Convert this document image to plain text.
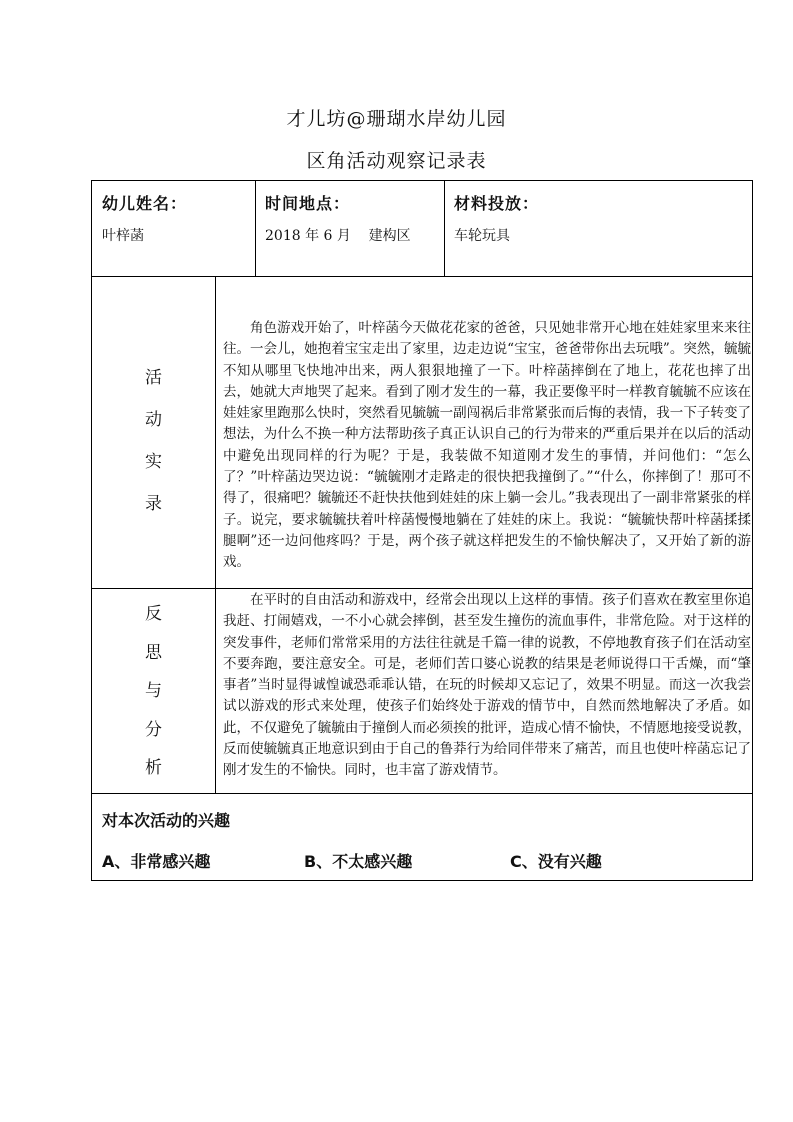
才儿坊@珊瑚水岸幼儿园
区角活动观察记录表
幼儿姓名：
叶梓菡
时间地点：
2018 年 6 月    建构区
材料投放：
车轮玩具
活
动
实
录
角色游戏开始了，叶梓菡今天做花花家的爸爸，只见她非常开心地在娃娃家里来来往往。一会儿，她抱着宝宝走出了家里，边走边说“宝宝，爸爸带你出去玩哦”。突然，毓毓不知从哪里飞快地冲出来，两人狠狠地撞了一下。叶梓菡摔倒在了地上，花花也摔了出去，她就大声地哭了起来。看到了刚才发生的一幕，我正要像平时一样教育毓毓不应该在娃娃家里跑那么快时，突然看见毓毓一副闯祸后非常紧张而后悔的表情，我一下子转变了想法，为什么不换一种方法帮助孩子真正认识自己的行为带来的严重后果并在以后的活动中避免出现同样的行为呢？于是，我装做不知道刚才发生的事情，并问他们：“怎么了？”叶梓菡边哭边说：“毓毓刚才走路走的很快把我撞倒了。”“什么，你摔倒了！那可不得了，很痛吧？毓毓还不赶快扶他到娃娃的床上躺一会儿。”我表现出了一副非常紧张的样子。说完，要求毓毓扶着叶梓菡慢慢地躺在了娃娃的床上。我说：“毓毓快帮叶梓菡揉揉腿啊”还一边问他疼吗？于是，两个孩子就这样把发生的不愉快解决了，又开始了新的游戏。
反
思
与
分
析
在平时的自由活动和游戏中，经常会出现以上这样的事情。孩子们喜欢在教室里你追我赶、打闹嬉戏，一不小心就会摔倒，甚至发生撞伤的流血事件，非常危险。对于这样的突发事件，老师们常常采用的方法往往就是千篇一律的说教，不停地教育孩子们在活动室不要奔跑，要注意安全。可是，老师们苦口婆心说教的结果是老师说得口干舌燥，而“肇事者”当时显得诚惶诚恐乖乖认错，在玩的时候却又忘记了，效果不明显。而这一次我尝试以游戏的形式来处理，使孩子们始终处于游戏的情节中，自然而然地解决了矛盾。如此，不仅避免了毓毓由于撞倒人而必须挨的批评，造成心情不愉快，不情愿地接受说教，反而使毓毓真正地意识到由于自己的鲁莽行为给同伴带来了痛苦，而且也使叶梓菡忘记了刚才发生的不愉快。同时，也丰富了游戏情节。
对本次活动的兴趣
A、非常感兴趣	B、不太感兴趣	C、没有兴趣
